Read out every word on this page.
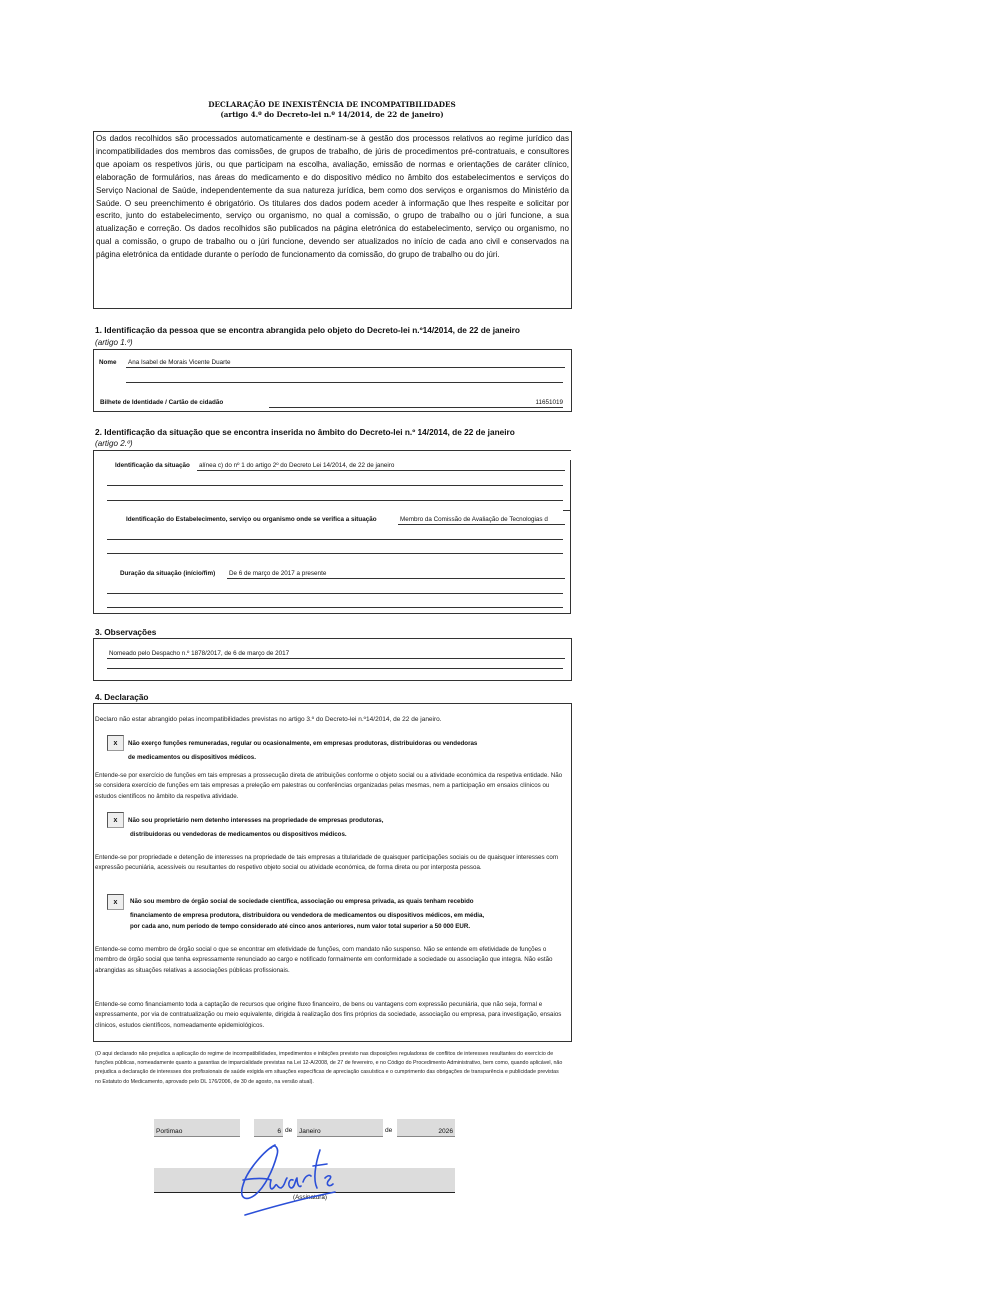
DECLARAÇÃO DE INEXISTÊNCIA DE INCOMPATIBILIDADES
(artigo 4.º do Decreto-lei n.º 14/2014, de 22 de janeiro)
Os dados recolhidos são processados automaticamente e destinam-se à gestão dos processos relativos ao regime jurídico das incompatibilidades dos membros das comissões, de grupos de trabalho, de júris de procedimentos pré-contratuais, e consultores que apoiam os respetivos júris, ou que participam na escolha, avaliação, emissão de normas e orientações de caráter clínico, elaboração de formulários, nas áreas do medicamento e do dispositivo médico no âmbito dos estabelecimentos e serviços do Serviço Nacional de Saúde, independentemente da sua natureza jurídica, bem como dos serviços e organismos do Ministério da Saúde. O seu preenchimento é obrigatório. Os titulares dos dados podem aceder à informação que lhes respeite e solicitar por escrito, junto do estabelecimento, serviço ou organismo, no qual a comissão, o grupo de trabalho ou o júri funcione, a sua atualização e correção. Os dados recolhidos são publicados na página eletrónica do estabelecimento, serviço ou organismo, no qual a comissão, o grupo de trabalho ou o júri funcione, devendo ser atualizados no início de cada ano civil e conservados na página eletrónica da entidade durante o período de funcionamento da comissão, do grupo de trabalho ou do júri.
1. Identificação da pessoa que se encontra abrangida pelo objeto do Decreto-lei n.º14/2014, de 22 de janeiro
(artigo 1.º)
Nome	Ana Isabel de Morais Vicente Duarte
Bilhete de Identidade / Cartão de cidadão	11651019
2. Identificação da situação que se encontra inserida no âmbito do Decreto-lei n.º 14/2014, de 22 de janeiro
(artigo 2.º)
Identificação da situação	alínea c) do nº 1 do artigo 2º do Decreto Lei 14/2014, de 22 de janeiro
Identificação do Estabelecimento, serviço ou organismo onde se verifica a situação	Membro da Comissão de Avaliação de Tecnologias d
Duração da situação (início/fim)	De 6 de março de 2017 a presente
3. Observações
Nomeado pelo Despacho n.º 1878/2017, de 6 de março de 2017
4. Declaração
Declaro não estar abrangido pelas incompatibilidades previstas no artigo 3.º do Decreto-lei n.º14/2014, de 22 de janeiro.
x	Não exerço funções remuneradas, regular ou ocasionalmente, em empresas produtoras, distribuidoras ou vendedoras
de medicamentos ou dispositivos médicos.
Entende-se por exercício de funções em tais empresas a prossecução direta de atribuições conforme o objeto social ou a atividade económica da respetiva entidade. Não se considera exercício de funções em tais empresas a preleção em palestras ou conferências organizadas pelas mesmas, nem a participação em ensaios clínicos ou estudos científicos no âmbito da respetiva atividade.
x	Não sou proprietário nem detenho interesses na propriedade de empresas produtoras,
distribuidoras ou vendedoras de medicamentos ou dispositivos médicos.
Entende-se por propriedade e detenção de interesses na propriedade de tais empresas a titularidade de quaisquer participações sociais ou de quaisquer interesses com expressão pecuniária, acessíveis ou resultantes do respetivo objeto social ou atividade económica, de forma direta ou por interposta pessoa.
x	Não sou membro de órgão social de sociedade científica, associação ou empresa privada, as quais tenham recebido
financiamento de empresa produtora, distribuidora ou vendedora de medicamentos ou dispositivos médicos, em média,
por cada ano, num período de tempo considerado até cinco anos anteriores, num valor total superior a 50 000 EUR.
Entende-se como membro de órgão social o que se encontrar em efetividade de funções, com mandato não suspenso. Não se entende em efetividade de funções o membro de órgão social que tenha expressamente renunciado ao cargo e notificado formalmente em conformidade a sociedade ou associação que integra. Não estão abrangidas as situações relativas a associações públicas profissionais.
Entende-se como financiamento toda a captação de recursos que origine fluxo financeiro, de bens ou vantagens com expressão pecuniária, que não seja, formal e expressamente, por via de contratualização ou meio equivalente, dirigida à realização dos fins próprios da sociedade, associação ou empresa, para investigação, ensaios clínicos, estudos científicos, nomeadamente epidemiológicos.
(O aqui declarado não prejudica a aplicação do regime de incompatibilidades, impedimentos e inibições previsto nas disposições reguladoras de conflitos de interesses resultantes do exercício de funções públicas, nomeadamente quanto a garantias de imparcialidade previstas na Lei 12-A/2008, de 27 de fevereiro, e no Código do Procedimento Administrativo, bem como, quando aplicável, não prejudica a declaração de interesses dos profissionais de saúde exigida em situações específicas de apreciação casuística e o cumprimento das obrigações de transparência e publicidade previstas no Estatuto do Medicamento, aprovado pelo DL 176/2006, de 30 de agosto, na versão atual).
Portimao	6 de	Janeiro	de	2026
(Assinatura)
